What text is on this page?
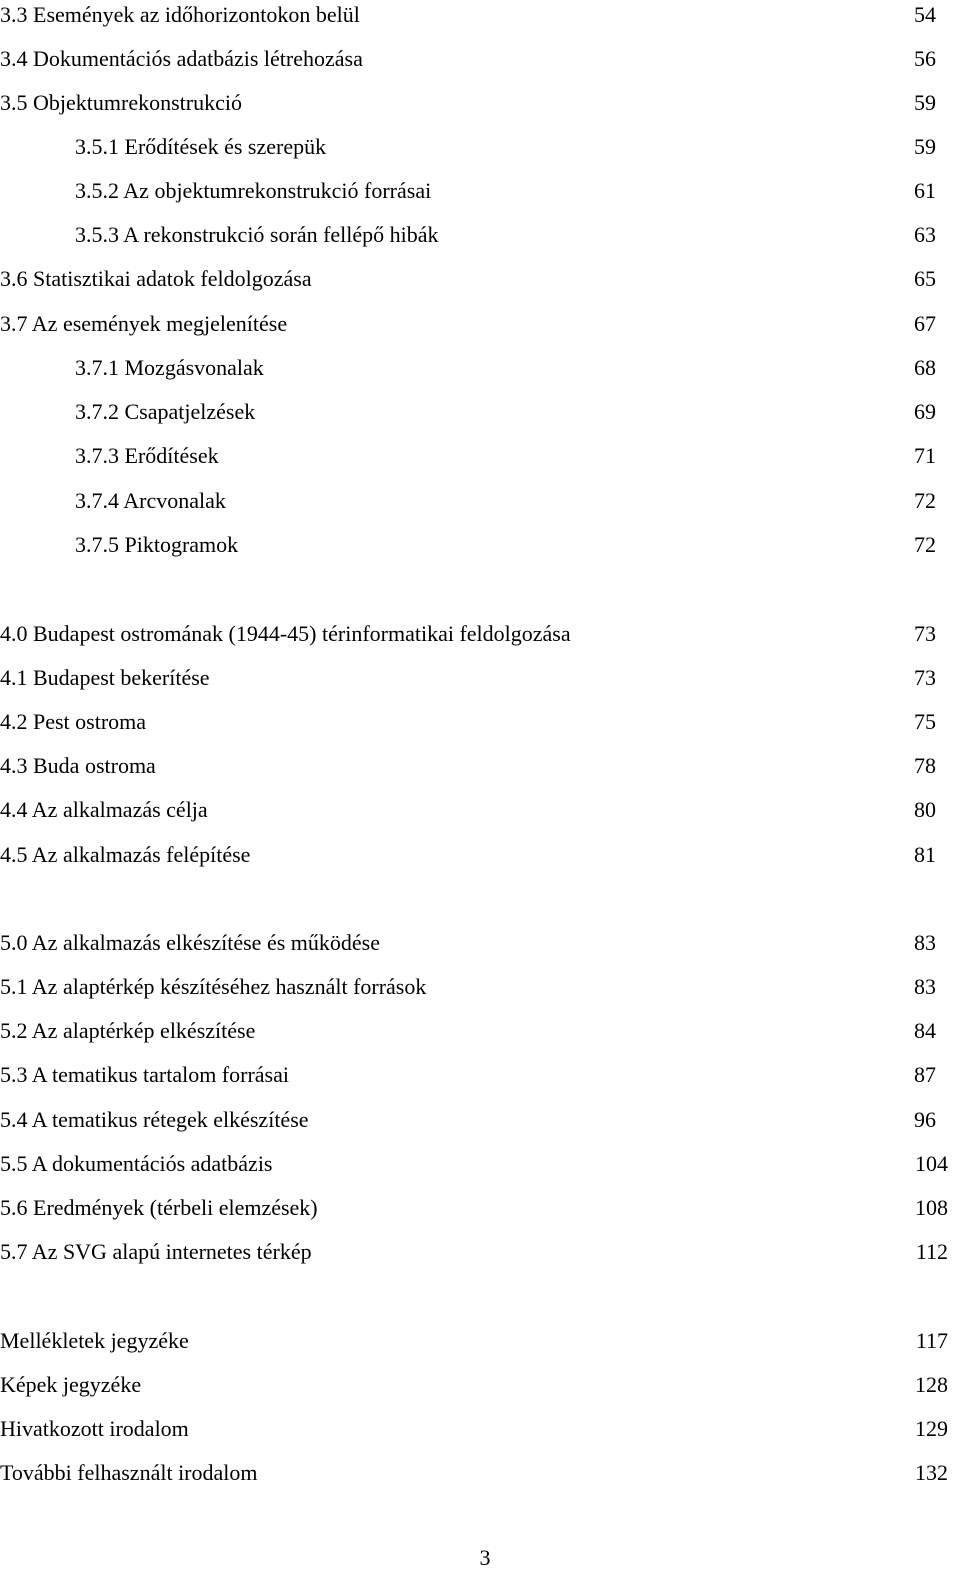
3.3 Események az időhorizontokon belül	54
3.4 Dokumentációs adatbázis létrehozása	56
3.5 Objektumrekonstrukció	59
3.5.1 Erődítések és szerepük	59
3.5.2 Az objektumrekonstrukció forrásai	61
3.5.3 A rekonstrukció során fellépő hibák	63
3.6 Statisztikai adatok feldolgozása	65
3.7 Az események megjelenítése	67
3.7.1 Mozgásvonalak	68
3.7.2 Csapatjelzések	69
3.7.3 Erődítések	71
3.7.4 Arcvonalak	72
3.7.5 Piktogramok	72
4.0 Budapest ostromának (1944-45) térinformatikai feldolgozása	73
4.1 Budapest bekerítése	73
4.2 Pest ostroma	75
4.3 Buda ostroma	78
4.4 Az alkalmazás célja	80
4.5 Az alkalmazás felépítése	81
5.0 Az alkalmazás elkészítése és működése	83
5.1 Az alaptérkép készítéséhez használt források	83
5.2 Az alaptérkép elkészítése	84
5.3 A tematikus tartalom forrásai	87
5.4 A tematikus rétegek elkészítése	96
5.5 A dokumentációs adatbázis	104
5.6 Eredmények (térbeli elemzések)	108
5.7 Az SVG alapú internetes térkép	112
Mellékletek jegyzéke	117
Képek jegyzéke	128
Hivatkozott irodalom	129
További felhasznált irodalom	132
3
